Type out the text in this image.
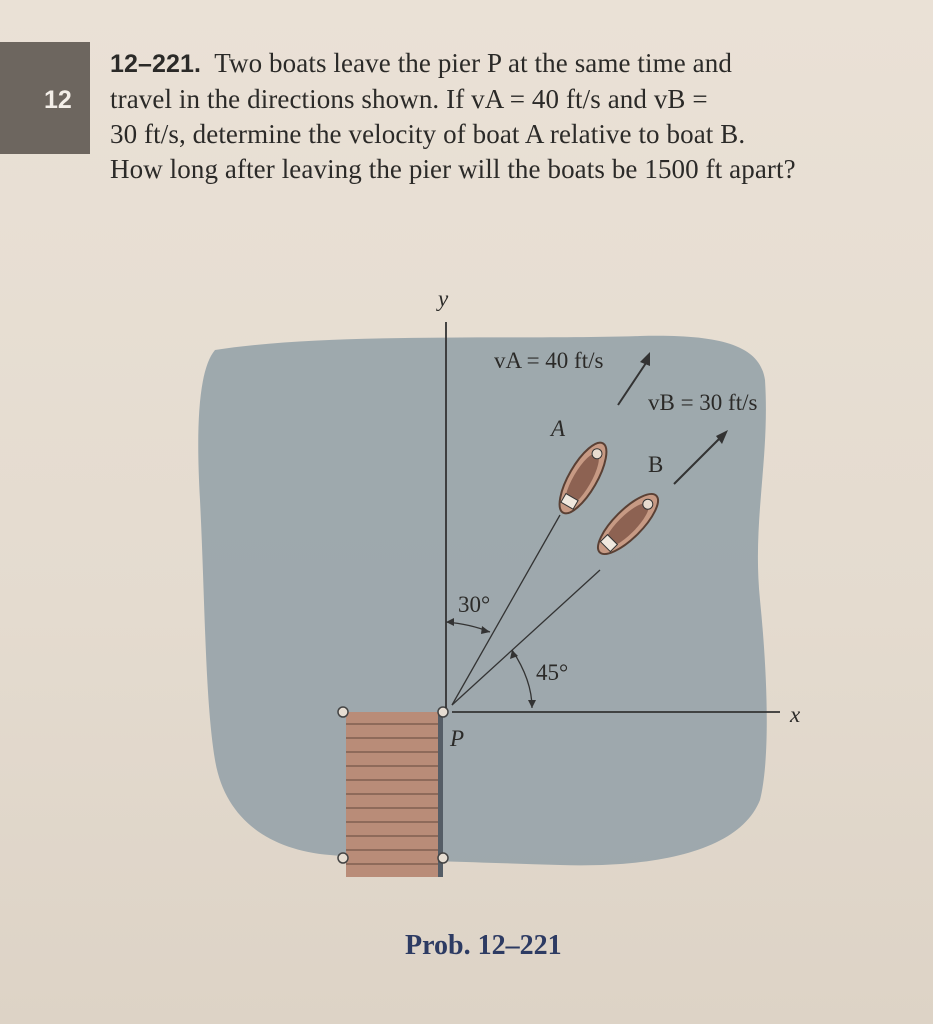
12
12–221. Two boats leave the pier P at the same time and
travel in the directions shown. If vA = 40 ft/s and vB =
30 ft/s, determine the velocity of boat A relative to boat B.
How long after leaving the pier will the boats be 1500 ft apart?
y
x
P
A
B
vA = 40 ft/s
vB = 30 ft/s
30°
45°
Prob. 12–221
